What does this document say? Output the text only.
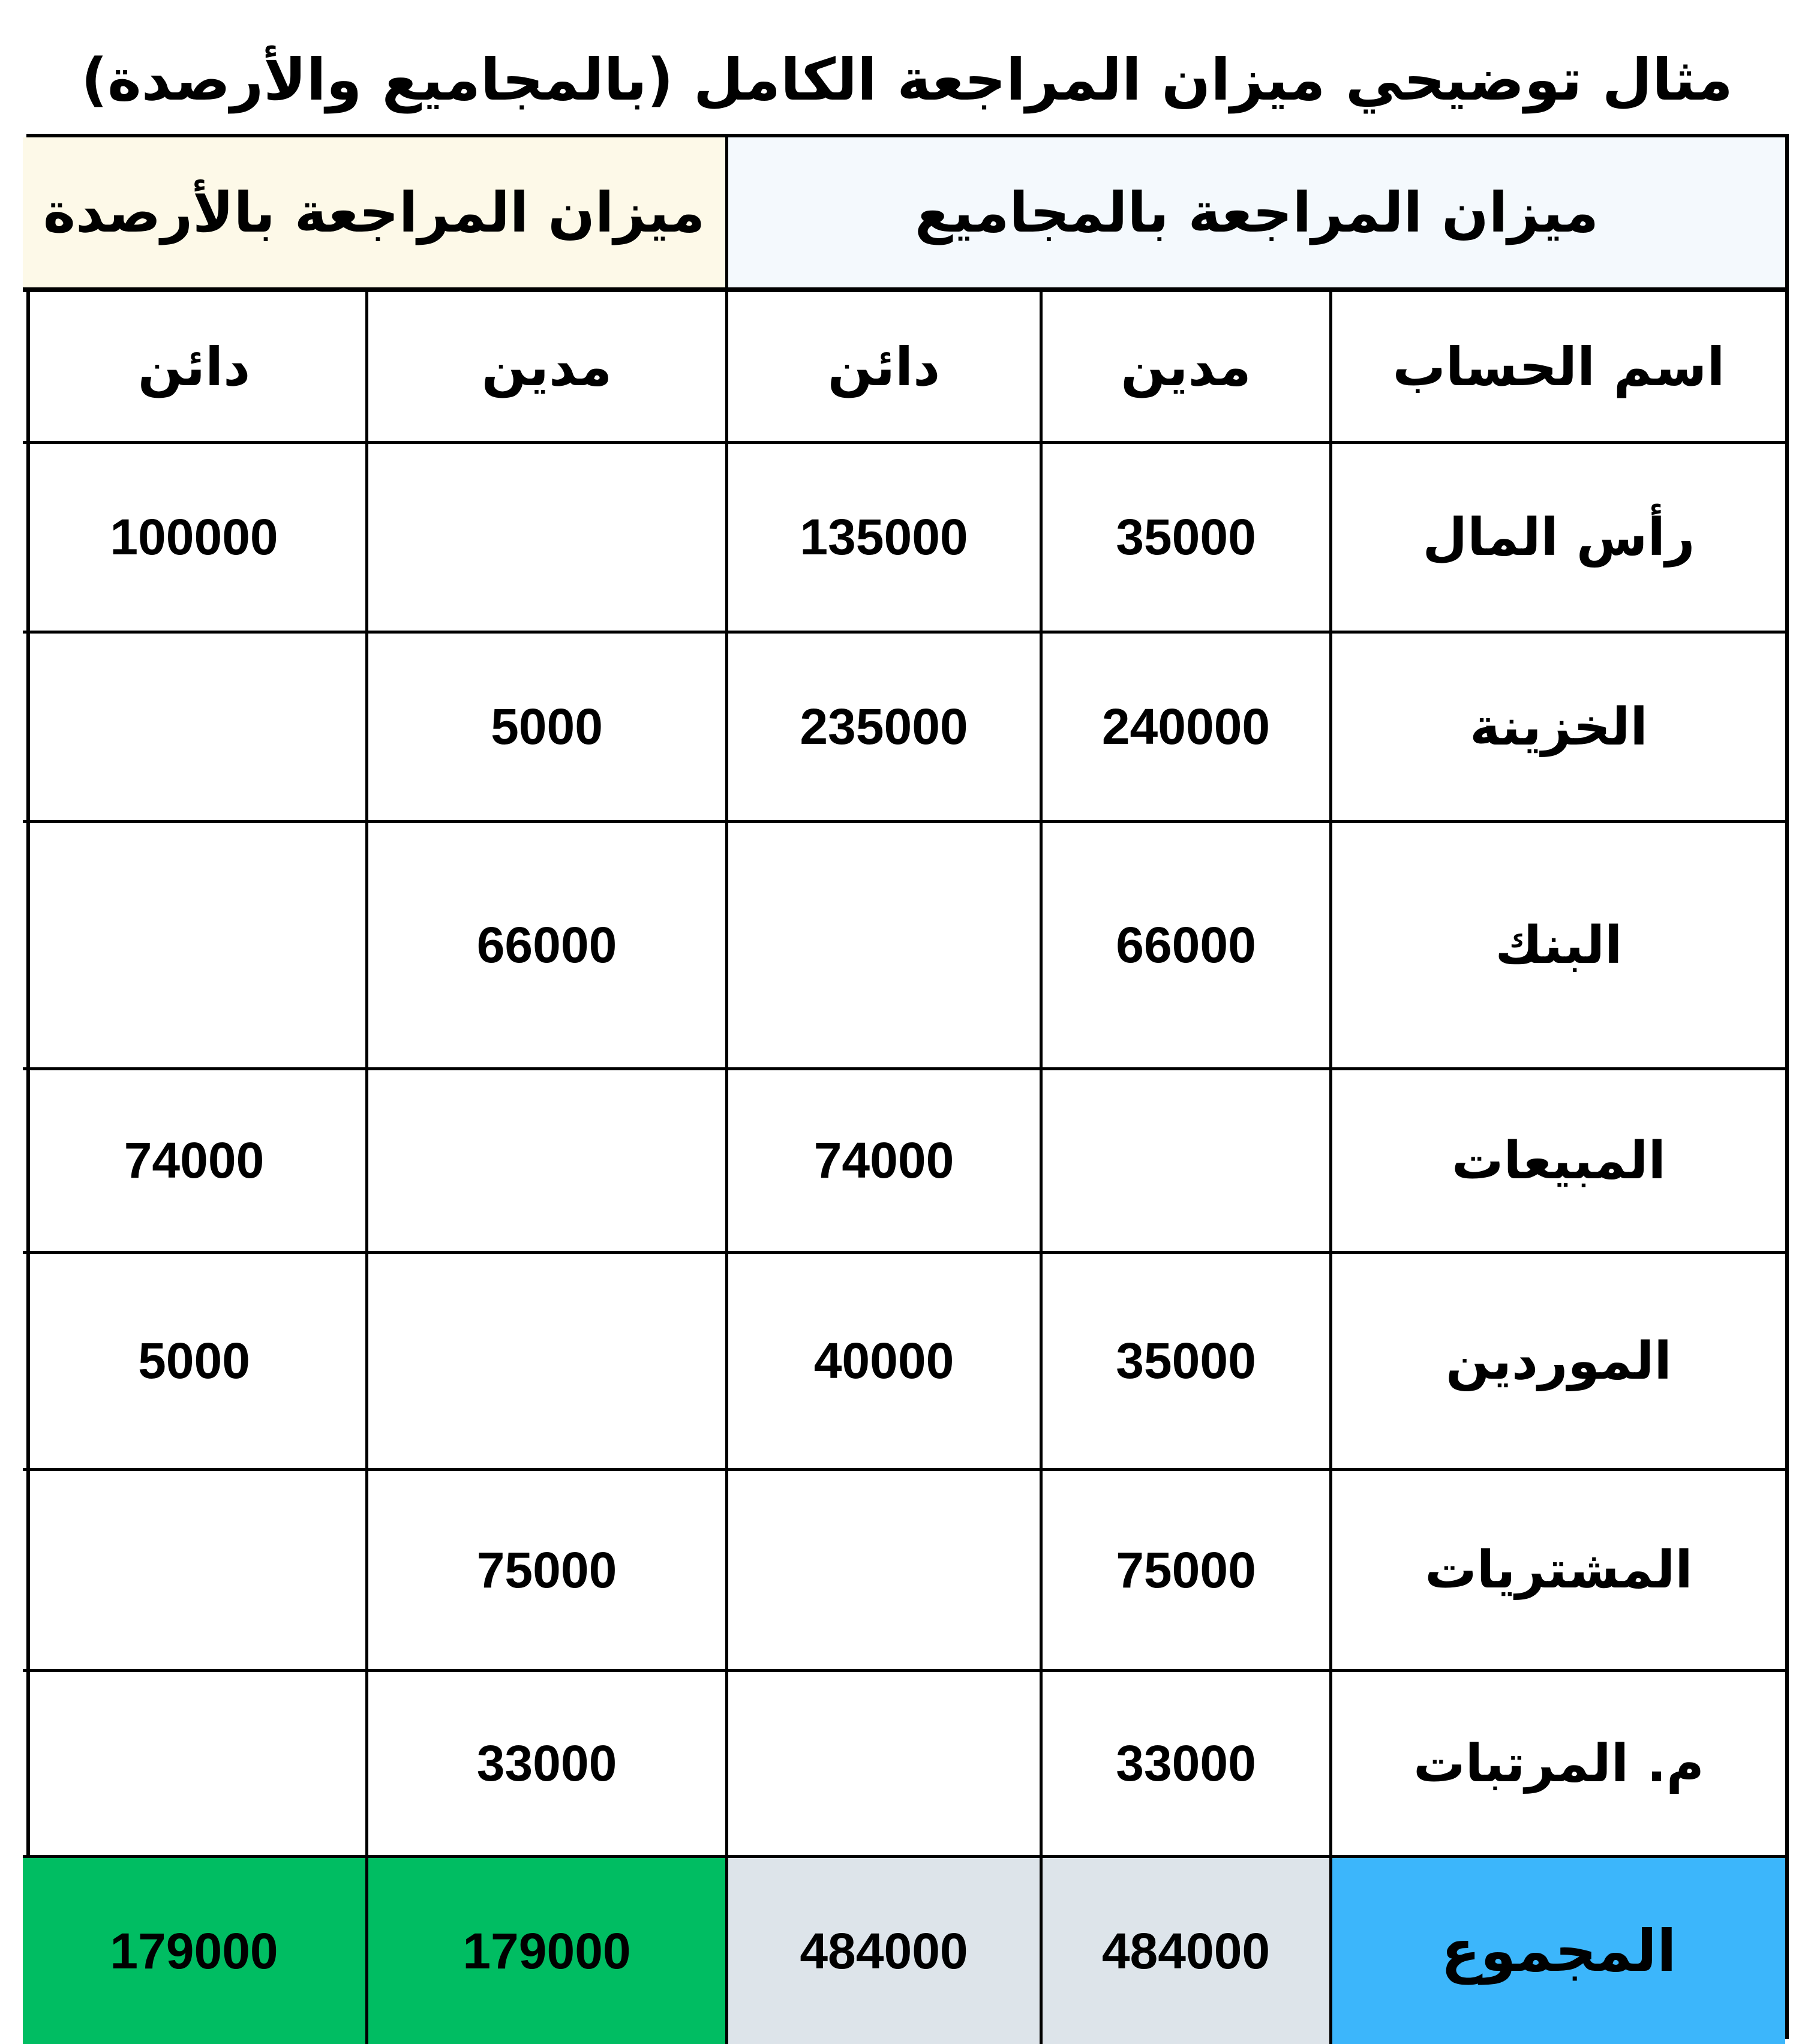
مثال توضيحي ميزان المراجعة الكامل (بالمجاميع والأرصدة)
ميزان المراجعة بالمجاميع
ميزان المراجعة بالأرصدة
اسم الحساب
مدين
دائن
مدين
دائن
رأس المال
35000
135000
100000
الخزينة
240000
235000
5000
البنك
66000
66000
المبيعات
74000
74000
الموردين
35000
40000
5000
المشتريات
75000
75000
م. المرتبات
33000
33000
المجموع
484000
484000
179000
179000
